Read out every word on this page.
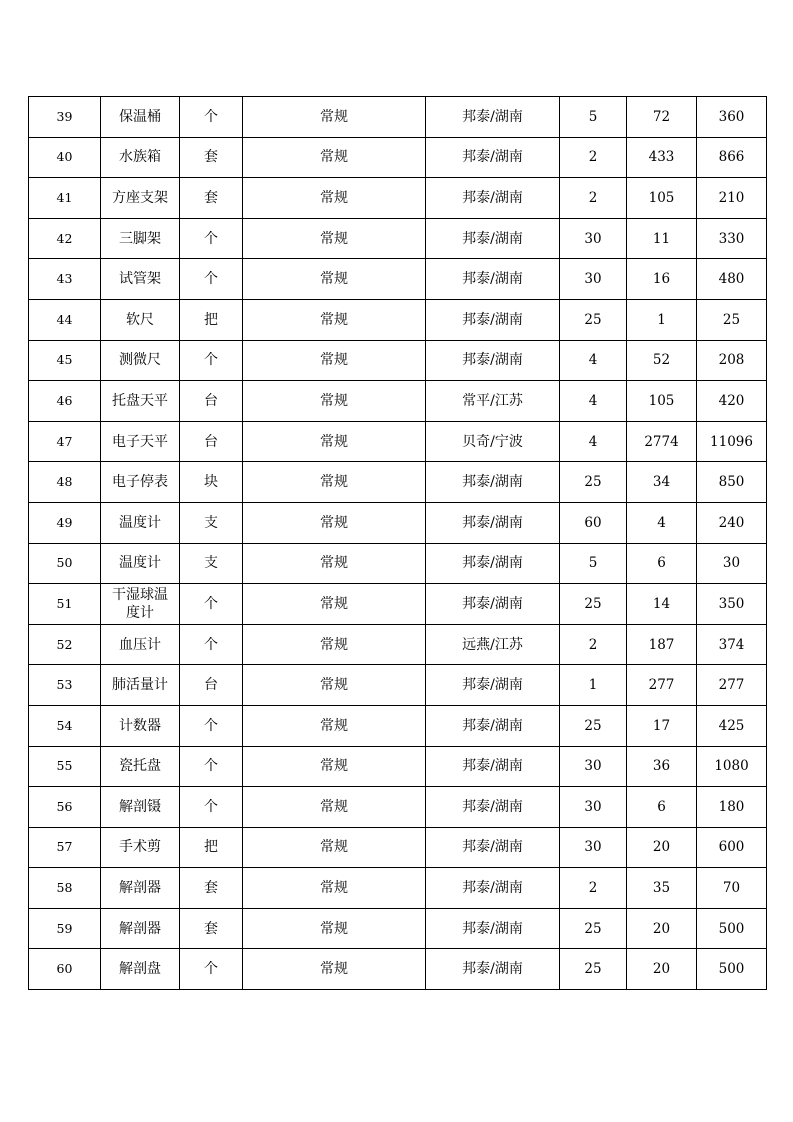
39	保温桶	个	常规	邦泰/湖南	5	72	360
40	水族箱	套	常规	邦泰/湖南	2	433	866
41	方座支架	套	常规	邦泰/湖南	2	105	210
42	三脚架	个	常规	邦泰/湖南	30	11	330
43	试管架	个	常规	邦泰/湖南	30	16	480
44	软尺	把	常规	邦泰/湖南	25	1	25
45	测微尺	个	常规	邦泰/湖南	4	52	208
46	托盘天平	台	常规	常平/江苏	4	105	420
47	电子天平	台	常规	贝奇/宁波	4	2774	11096
48	电子停表	块	常规	邦泰/湖南	25	34	850
49	温度计	支	常规	邦泰/湖南	60	4	240
50	温度计	支	常规	邦泰/湖南	5	6	30
51	干湿球温度计	个	常规	邦泰/湖南	25	14	350
52	血压计	个	常规	远燕/江苏	2	187	374
53	肺活量计	台	常规	邦泰/湖南	1	277	277
54	计数器	个	常规	邦泰/湖南	25	17	425
55	瓷托盘	个	常规	邦泰/湖南	30	36	1080
56	解剖镊	个	常规	邦泰/湖南	30	6	180
57	手术剪	把	常规	邦泰/湖南	30	20	600
58	解剖器	套	常规	邦泰/湖南	2	35	70
59	解剖器	套	常规	邦泰/湖南	25	20	500
60	解剖盘	个	常规	邦泰/湖南	25	20	500
